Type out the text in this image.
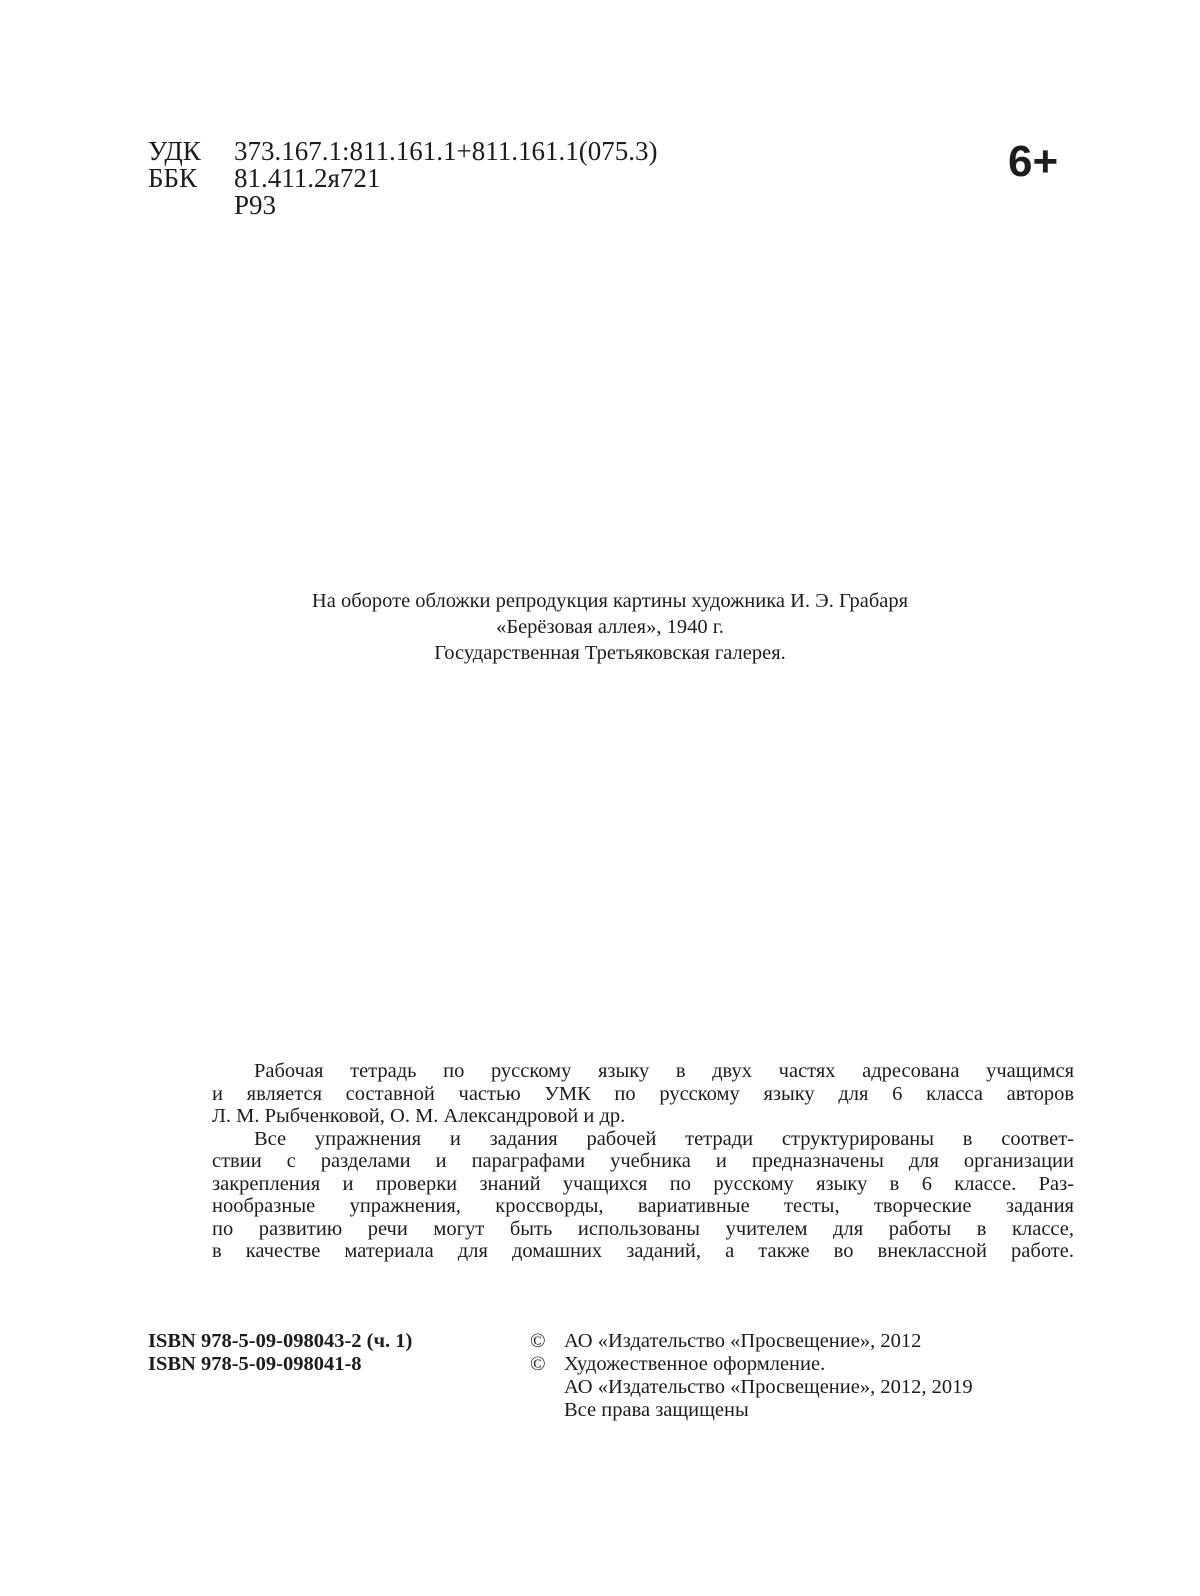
УДК	373.167.1:811.161.1+811.161.1(075.3)
ББК	81.411.2я721
Р93
6+
На обороте обложки репродукция картины художника И. Э. Грабаря
«Берёзовая аллея», 1940 г.
Государственная Третьяковская галерея.
Рабочая тетрадь по русскому языку в двух частях адресована учащимся
и является составной частью УМК по русскому языку для 6 класса авторов
Л. М. Рыбченковой, О. М. Александровой и др.
Все упражнения и задания рабочей тетради структурированы в соответ-
ствии с разделами и параграфами учебника и предназначены для организации
закрепления и проверки знаний учащихся по русскому языку в 6 классе. Раз-
нообразные упражнения, кроссворды, вариативные тесты, творческие задания
по развитию речи могут быть использованы учителем для работы в классе,
в качестве материала для домашних заданий, а также во внеклассной работе.
ISBN 978-5-09-098043-2 (ч. 1)
ISBN 978-5-09-098041-8
© АО «Издательство «Просвещение», 2012
© Художественное оформление.
АО «Издательство «Просвещение», 2012, 2019
Все права защищены
